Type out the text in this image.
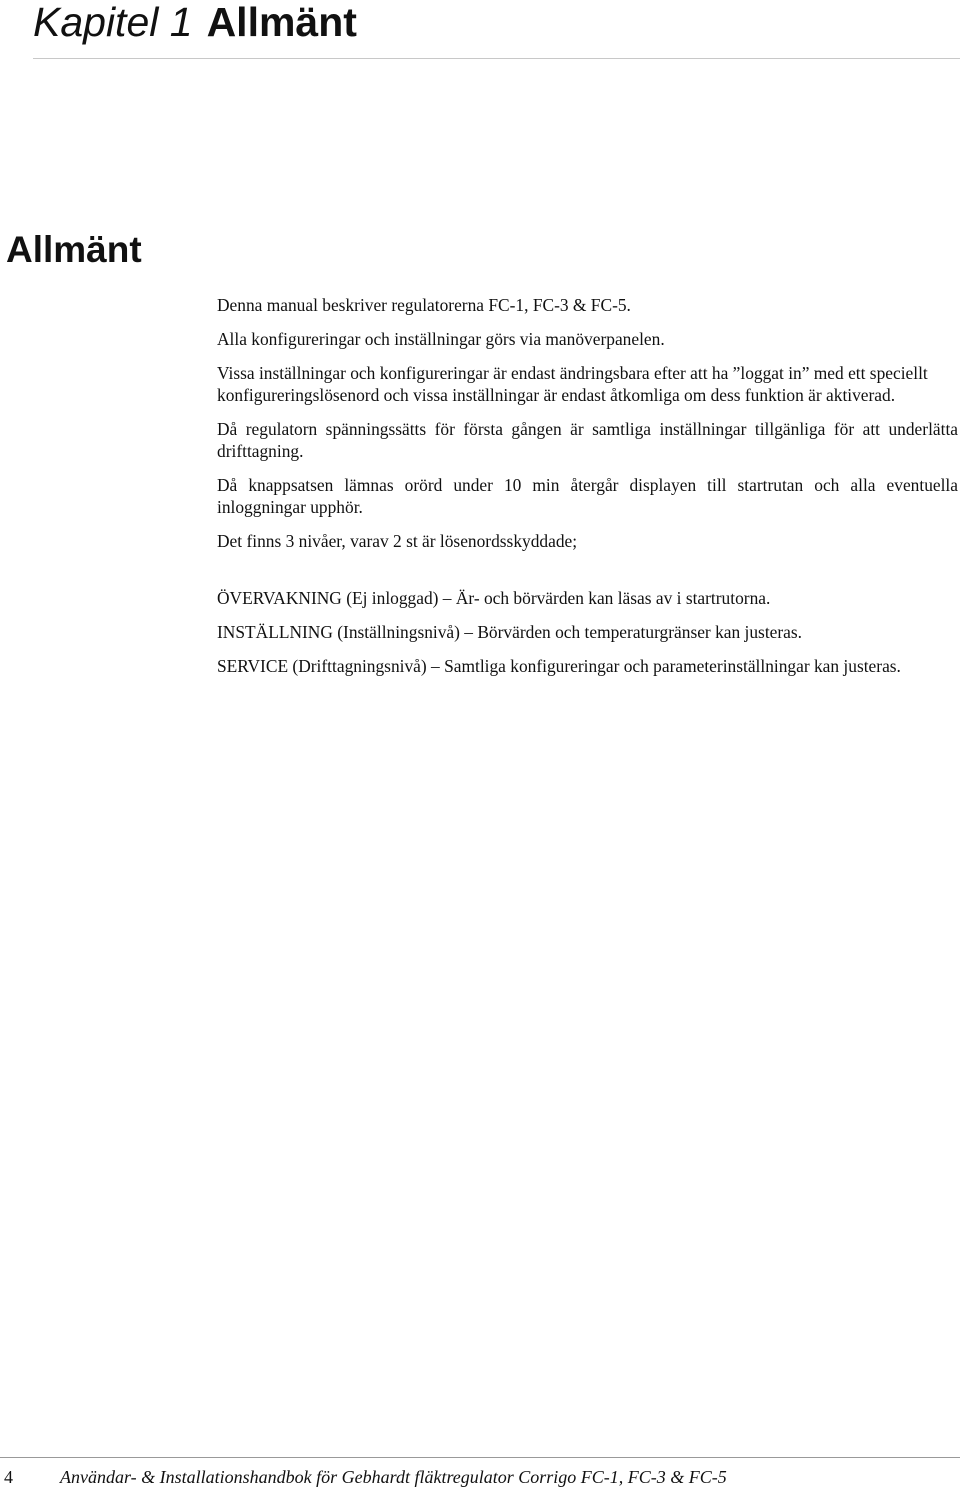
Kapitel 1 Allmänt
Allmänt

Denna manual beskriver regulatorerna FC-1, FC-3 & FC-5.

Alla konfigureringar och inställningar görs via manöverpanelen.

Vissa inställningar och konfigureringar är endast ändringsbara efter att ha ”loggat in” med ett speciellt konfigureringslösenord och vissa inställningar är endast åtkomliga om dess funktion är aktiverad.

Då regulatorn spänningssätts för första gången är samtliga inställningar tillgänliga för att underlätta drifttagning.

Då knappsatsen lämnas orörd under 10 min återgår displayen till startrutan och alla eventuella inloggningar upphör.

Det finns 3 nivåer, varav 2 st är lösenordsskyddade;

ÖVERVAKNING (Ej inloggad) – Är- och börvärden kan läsas av i startrutorna.

INSTÄLLNING (Inställningsnivå) – Börvärden och temperaturgränser kan justeras.

SERVICE (Drifttagningsnivå) – Samtliga konfigureringar och parameterinställningar kan justeras.

4	Användar- & Installationshandbok för Gebhardt fläktregulator Corrigo FC-1, FC-3 & FC-5
